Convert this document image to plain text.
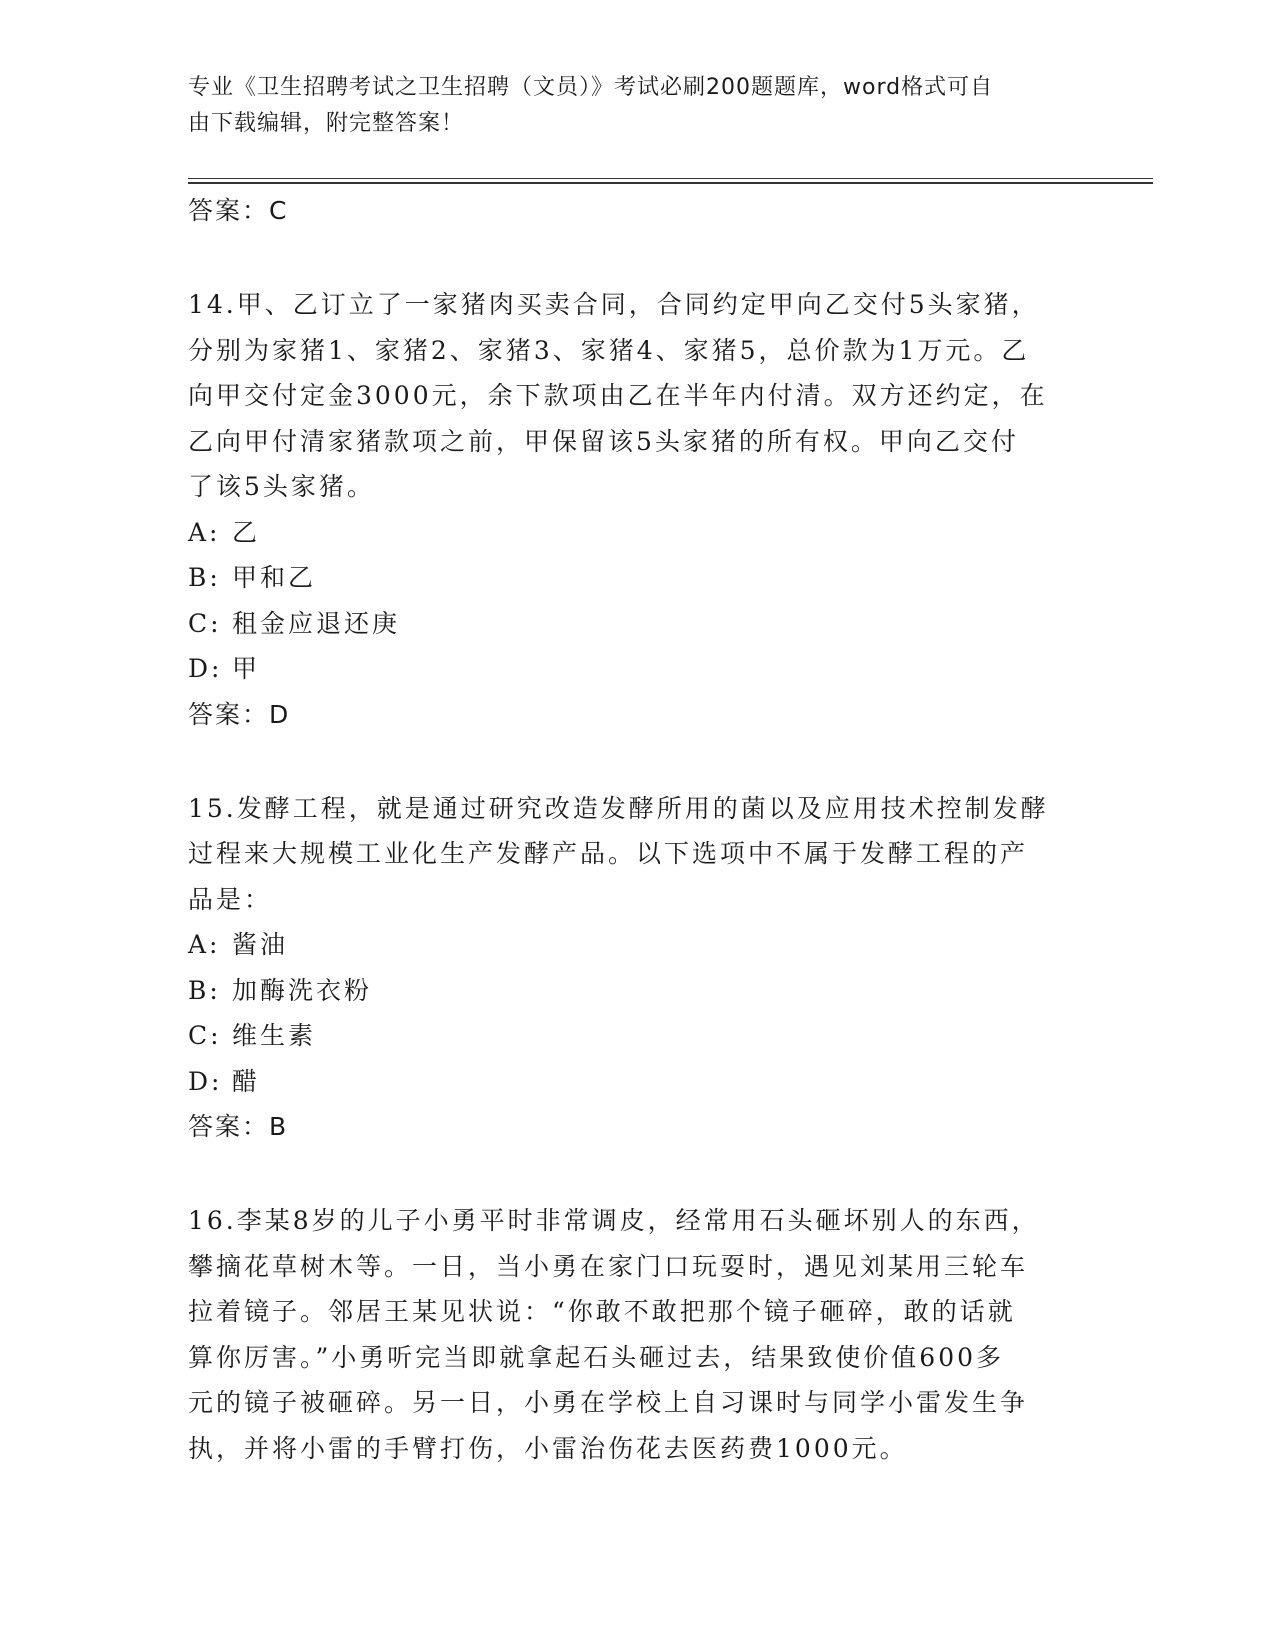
专业《卫生招聘考试之卫生招聘（文员）》考试必刷200题题库，word格式可自
由下载编辑，附完整答案！

答案：C

14.甲、乙订立了一家猪肉买卖合同，合同约定甲向乙交付5头家猪，

分别为家猪1、家猪2、家猪3、家猪4、家猪5，总价款为1万元。乙

向甲交付定金3000元，余下款项由乙在半年内付清。双方还约定，在

乙向甲付清家猪款项之前，甲保留该5头家猪的所有权。甲向乙交付

了该5头家猪。

A: 乙
B: 甲和乙
C: 租金应退还庚
D: 甲

答案：D

15.发酵工程，就是通过研究改造发酵所用的菌以及应用技术控制发酵

过程来大规模工业化生产发酵产品。以下选项中不属于发酵工程的产

品是：

A: 酱油
B: 加酶洗衣粉
C: 维生素
D: 醋

答案：B

16.李某8岁的儿子小勇平时非常调皮，经常用石头砸坏别人的东西，

攀摘花草树木等。一日，当小勇在家门口玩耍时，遇见刘某用三轮车

拉着镜子。邻居王某见状说：“你敢不敢把那个镜子砸碎，敢的话就

算你厉害。”小勇听完当即就拿起石头砸过去，结果致使价值600多

元的镜子被砸碎。另一日，小勇在学校上自习课时与同学小雷发生争

执，并将小雷的手臂打伤，小雷治伤花去医药费1000元。
